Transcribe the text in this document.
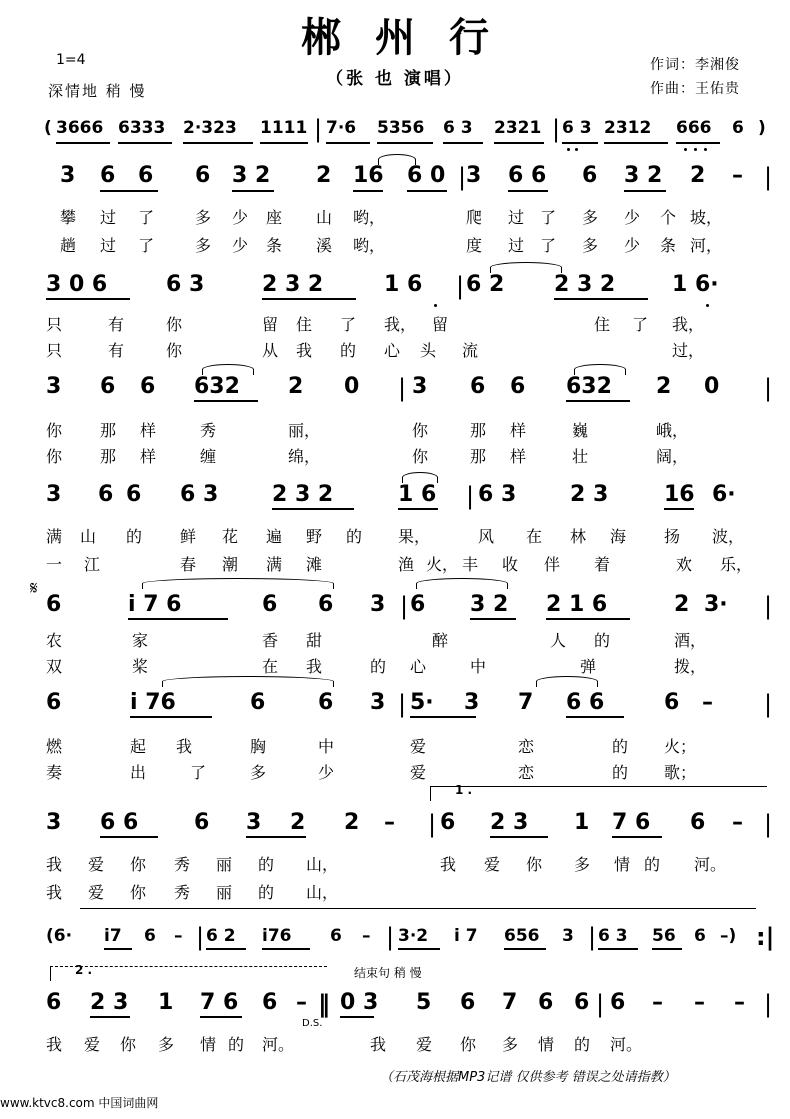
郴州行
（张 也 演唱）
1=4
深情地 稍 慢
作词：李湘俊
作曲：王佑贵
( 3666 6333 2·323 1111 | 7·6 5356 6 3 2321 | 6 3 2312 666 6 )
3 6 6 6 3 2 2 16 6 0 | 3 6 6 6 3 2 2 – |
攀 过 了	多 少 座 山 哟，	爬 过 了 多 少 个 坡，
趟 过 了	多 少 条 溪 哟，	度 过 了 多 少 条 河，
3 0 6	6 3	2 3 2	1 6 | 6 2 2 3 2	1 6·
只	有	你	留 住 了 我， 留	住 了 我，
只	有	你	从 我 的 心 头 流	过，
3 6 6 632 2 0 | 3 6 6 632 2 0 |
你 那 样	秀	丽，	你	那 样	巍	峨，
你 那 样	缠	绵，	你	那 样	壮	阔，
3 6 6 6 3 2 3 2	1 6 | 6 3 2 3	16 6·
满 山 的 鲜 花 遍 野 的 果，	风 在 林 海 扬 波，
一 江	春 潮 满 滩	渔 火， 丰 收 伴 着	欢 乐，
𝄋
6	i 7 6	6 6 3 | 6 3 2 2 1 6	2 3· |
农	家	香 甜	醉	人 的	酒，
双	桨	在 我	的 心	中	弹	拨，
6	i 76	6 6 3 | 5· 3 7 6 6	6 – |
燃	起 我	胸	中	爱	恋	的 火；
奏	出	了	多	少	爱	恋	的 歌；
1 .
3 6 6	6 3 2 2 – | 6 2 3 1 7 6 6 – |
我 爱 你 秀 丽 的 山，	我 爱 你 多 情 的 河。
我 爱 你 秀 丽 的 山，
(6· i7 6 – | 6 2 i76 6 – | 3·2 i 7 656 3 | 6 3 56 6 –) :|
2 .	结束句 稍 慢
6 2 3 1 7 6 6 – ‖ 0 3 5 6 7 6 6 | 6 – – – |
D.S.
我 爱 你 多 情 的 河。	我 爱 你 多 情 的 河。
（石茂海根据MP3记谱 仅供参考 错误之处请指教）
www.ktvc8.com 中国词曲网
